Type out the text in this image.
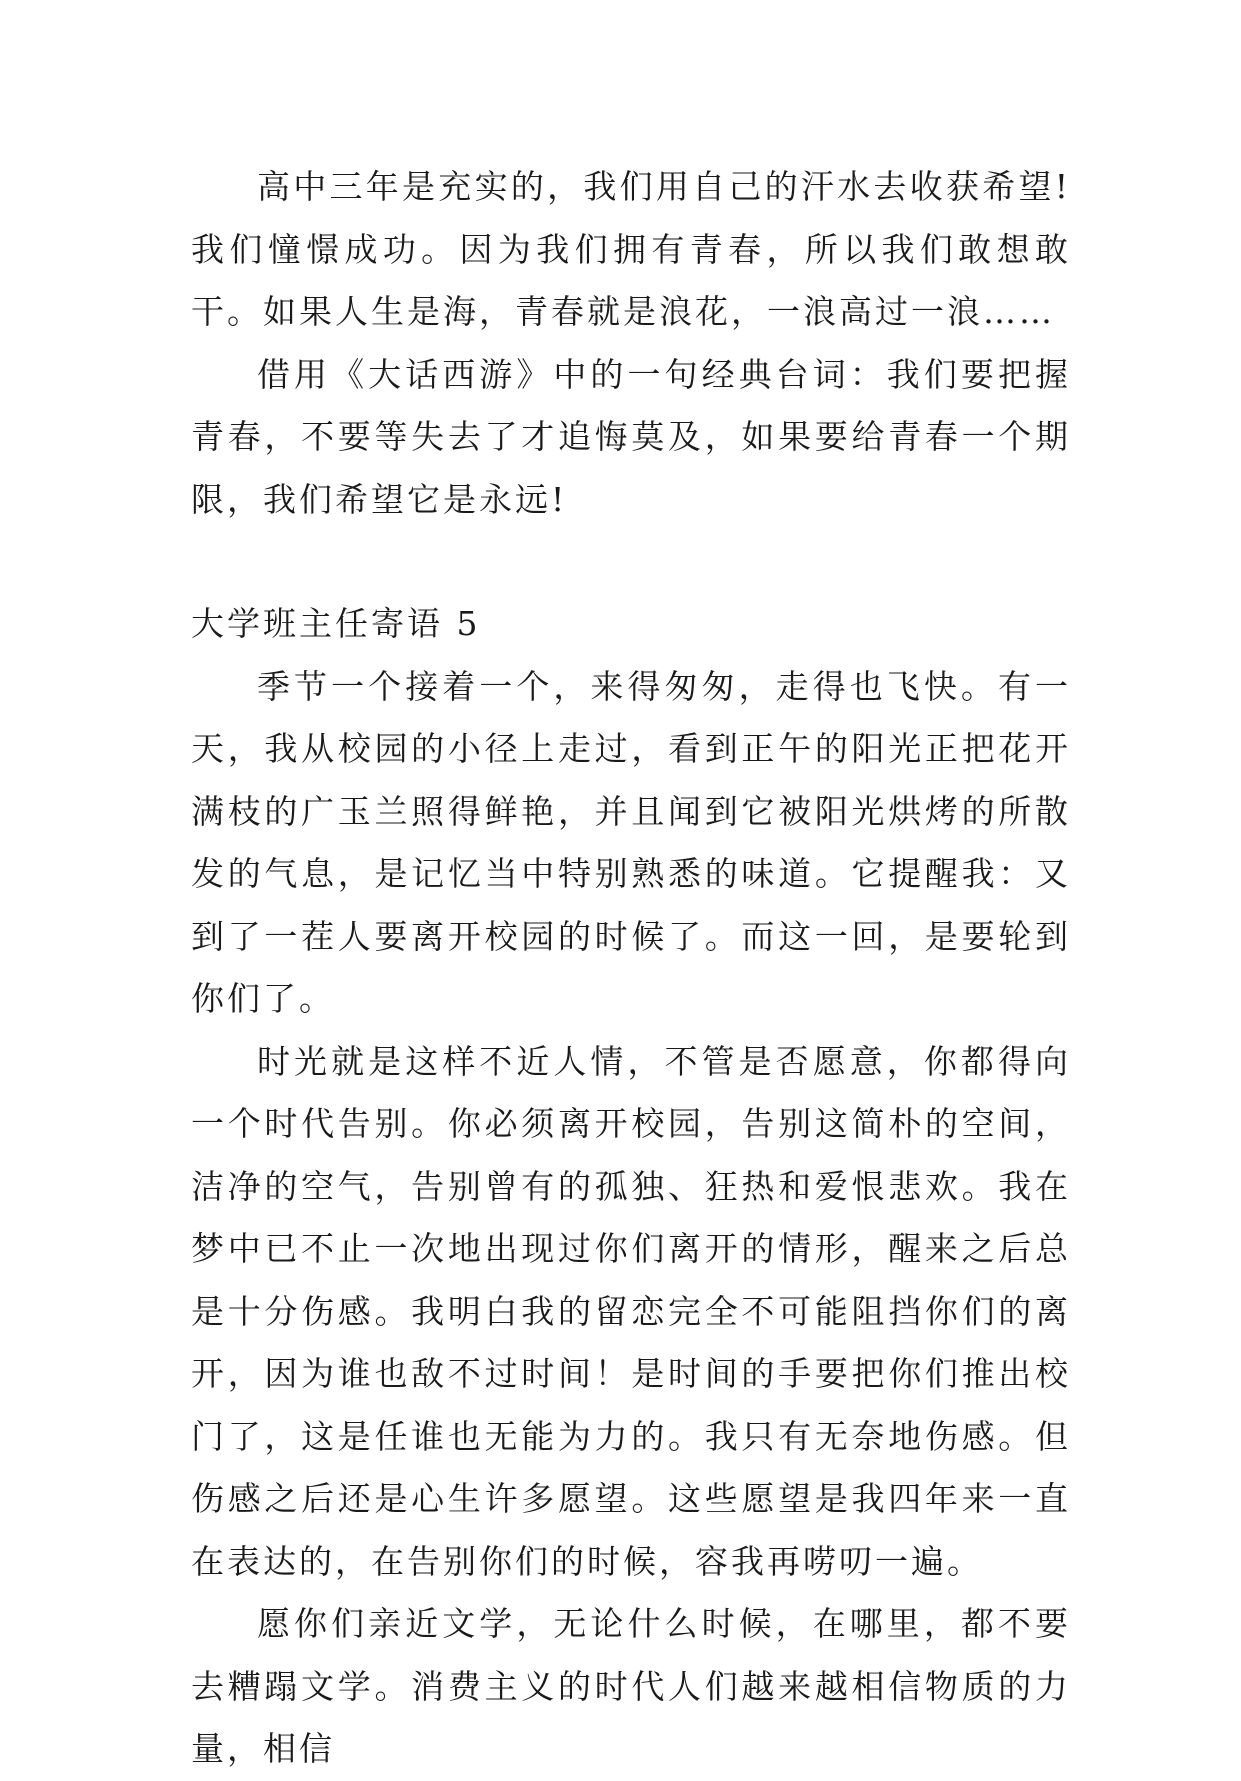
高中三年是充实的，我们用自己的汗水去收获希望!我们憧憬成功。因为我们拥有青春，所以我们敢想敢干。如果人生是海，青春就是浪花，一浪高过一浪……

借用《大话西游》中的一句经典台词：我们要把握青春，不要等失去了才追悔莫及，如果要给青春一个期限，我们希望它是永远!

大学班主任寄语 5

季节一个接着一个，来得匆匆，走得也飞快。有一天，我从校园的小径上走过，看到正午的阳光正把花开满枝的广玉兰照得鲜艳，并且闻到它被阳光烘烤的所散发的气息，是记忆当中特别熟悉的味道。它提醒我：又到了一茬人要离开校园的时候了。而这一回，是要轮到你们了。

时光就是这样不近人情，不管是否愿意，你都得向一个时代告别。你必须离开校园，告别这简朴的空间，洁净的空气，告别曾有的孤独、狂热和爱恨悲欢。我在梦中已不止一次地出现过你们离开的情形，醒来之后总是十分伤感。我明白我的留恋完全不可能阻挡你们的离开，因为谁也敌不过时间！是时间的手要把你们推出校门了，这是任谁也无能为力的。我只有无奈地伤感。但伤感之后还是心生许多愿望。这些愿望是我四年来一直在表达的，在告别你们的时候，容我再唠叨一遍。

愿你们亲近文学，无论什么时候，在哪里，都不要去糟蹋文学。消费主义的时代人们越来越相信物质的力量，相信
